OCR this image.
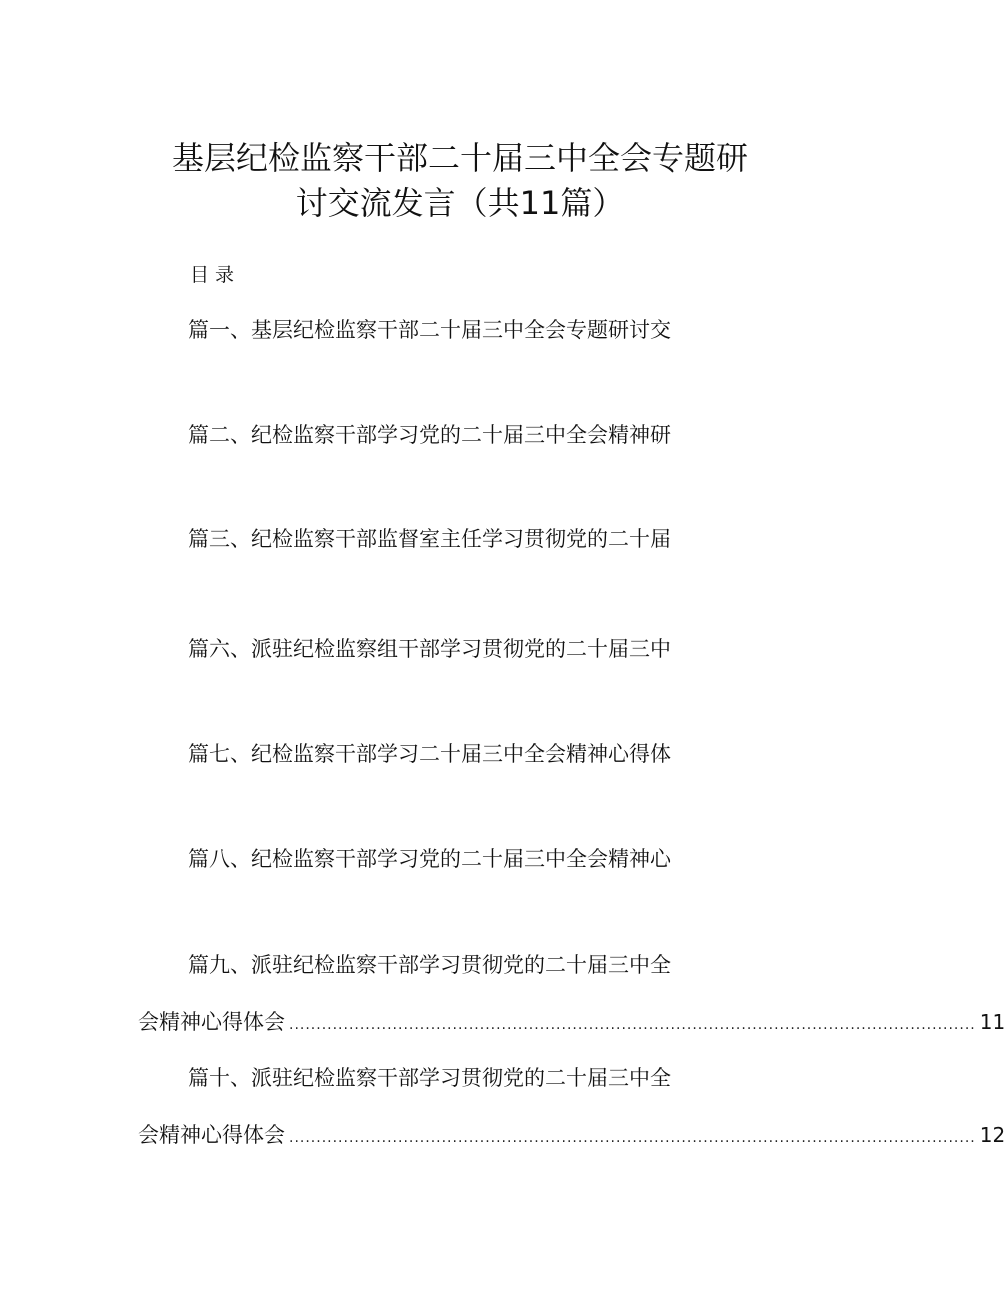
基层纪检监察干部二十届三中全会专题研
讨交流发言（共11篇）
目录
篇一、基层纪检监察干部二十届三中全会专题研讨交
篇二、纪检监察干部学习党的二十届三中全会精神研
篇三、纪检监察干部监督室主任学习贯彻党的二十届
篇六、派驻纪检监察组干部学习贯彻党的二十届三中
篇七、纪检监察干部学习二十届三中全会精神心得体
篇八、纪检监察干部学习党的二十届三中全会精神心
篇九、派驻纪检监察干部学习贯彻党的二十届三中全
会精神心得体会 .............................................................................................................................. 11
篇十、派驻纪检监察干部学习贯彻党的二十届三中全
会精神心得体会 .............................................................................................................................. 12
